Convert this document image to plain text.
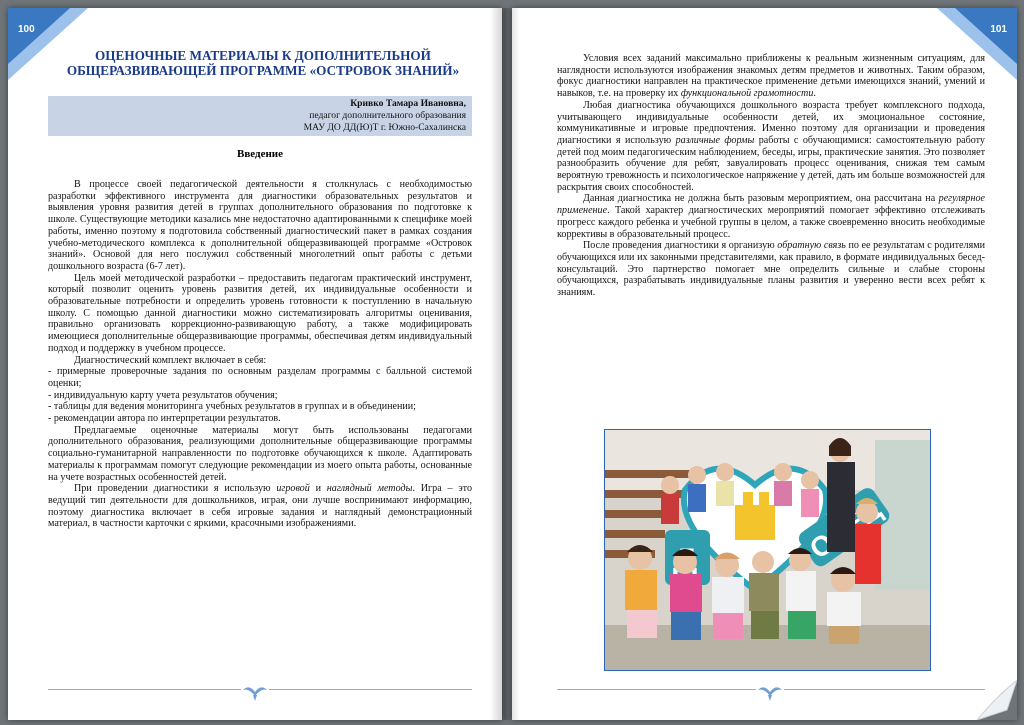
100
ОЦЕНОЧНЫЕ МАТЕРИАЛЫ К ДОПОЛНИТЕЛЬНОЙ ОБЩЕРАЗВИВАЮЩЕЙ ПРОГРАММЕ «ОСТРОВОК ЗНАНИЙ»
Кривко Тамара Ивановна,
педагог дополнительного образования
МАУ ДО ДД(Ю)Т г. Южно-Сахалинска
Введение

В процессе своей педагогической деятельности я столкнулась с необходимостью разработки эффективного инструмента для диагностики образовательных результатов и выявления уровня развития детей в группах дополнительного образования по подготовке к школе. Существующие методики казались мне недостаточно адаптированными к специфике моей работы, именно поэтому я подготовила собственный диагностический пакет в рамках создания учебно-методического комплекса к дополнительной общеразвивающей программе «Островок знаний». Основой для него послужил собственный многолетний опыт работы с детьми дошкольного возраста (6-7 лет).

Цель моей методической разработки – предоставить педагогам практический инструмент, который позволит оценить уровень развития детей, их индивидуальные особенности и образовательные потребности и определить уровень готовности к поступлению в начальную школу. С помощью данной диагностики можно систематизировать алгоритмы оценивания, правильно организовать коррекционно-развивающую работу, а также модифицировать имеющиеся дополнительные общеразвивающие программы, обеспечивая детям индивидуальный подход и поддержку в учебном процессе.

Диагностический комплект включает в себя:

- примерные проверочные задания по основным разделам программы с балльной системой оценки;

- индивидуальную карту учета результатов обучения;

- таблицы для ведения мониторинга учебных результатов в группах и в объединении;

- рекомендации автора по интерпретации результатов.

Предлагаемые оценочные материалы могут быть использованы педагогами дополнительного образования, реализующими дополнительные общеразвивающие программы социально-гуманитарной направленности по подготовке обучающихся к школе. Адаптировать материалы к программам помогут следующие рекомендации из моего опыта работы, основанные на учете возрастных особенностей детей.

При проведении диагностики я использую игровой и наглядный методы. Игра – это ведущий тип деятельности для дошкольников, играя, они лучше воспринимают информацию, поэтому диагностика включает в себя игровые задания и наглядный демонстрационный материал, в частности карточки с яркими, красочными изображениями.

101

Условия всех заданий максимально приближены к реальным жизненным ситуациям, для наглядности используются изображения знакомых детям предметов и животных. Таким образом, фокус диагностики направлен на практическое применение детьми имеющихся знаний, умений и навыков, т.е. на проверку их функциональной грамотности.

Любая диагностика обучающихся дошкольного возраста требует комплексного подхода, учитывающего индивидуальные особенности детей, их эмоциональное состояние, коммуникативные и игровые предпочтения. Именно поэтому для организации и проведения диагностики я использую различные формы работы с обучающимися: самостоятельную работу детей под моим педагогическим наблюдением, беседы, игры, практические занятия. Это позволяет разнообразить обучение для ребят, завуалировать процесс оценивания, снижая тем самым вероятную тревожность и психологическое напряжение у детей, дать им больше возможностей для раскрытия своих способностей.

Данная диагностика не должна быть разовым мероприятием, она рассчитана на регулярное применение. Такой характер диагностических мероприятий помогает эффективно отслеживать прогресс каждого ребенка и учебной группы в целом, а также своевременно вносить необходимые коррективы в образовательный процесс.

После проведения диагностики я организую обратную связь по ее результатам с родителями обучающихся или их законными представителями, как правило, в формате индивидуальных бесед-консультаций. Это партнерство помогает мне определить сильные и слабые стороны обучающихся, разрабатывать индивидуальные планы развития и уверенно вести всех ребят к знаниям.
